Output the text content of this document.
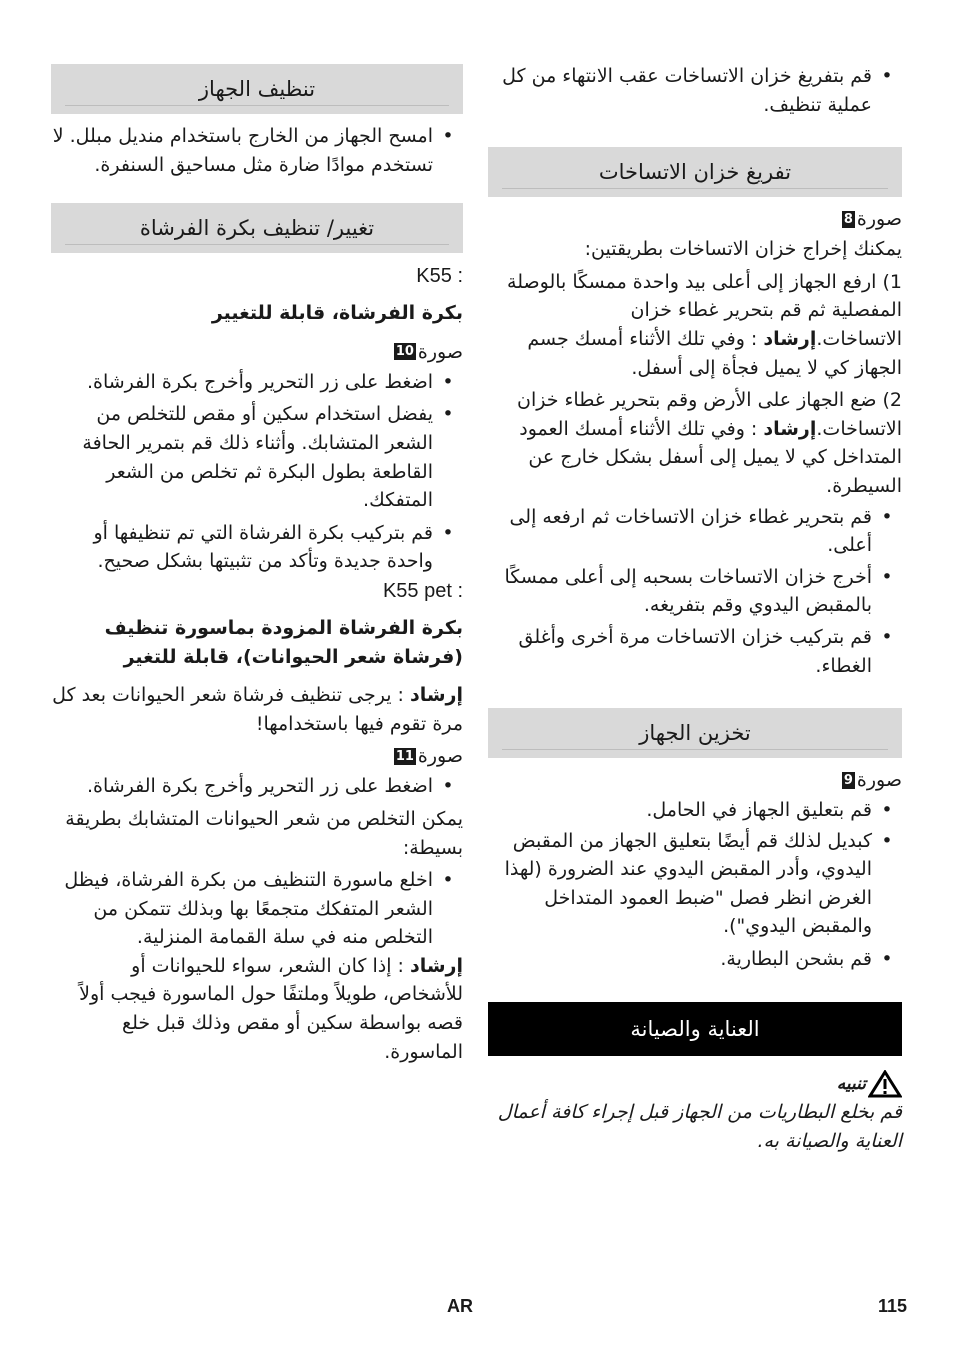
• قم بتفريغ خزان الاتساخات عقب الانتهاء من كل عملية تنظيف.
تفريغ خزان الاتساخات
صورة
8

يمكنك إخراج خزان الاتساخات بطريقتين:

1) ارفع الجهاز إلى أعلى بيد واحدة ممسكًا بالوصلة المفصلية ثم قم بتحرير غطاء خزان الاتساخات.إرشاد : وفي تلك الأثناء أمسك جسم الجهاز كي لا يميل فجأة إلى أسفل.

2) ضع الجهاز على الأرض وقم بتحرير غطاء خزان الاتساخات.إرشاد : وفي تلك الأثناء أمسك العمود المتداخل كي لا يميل إلى أسفل بشكل خارج عن السيطرة.

• قم بتحرير غطاء خزان الاتساخات ثم ارفعه إلى أعلى.
• أخرج خزان الاتساخات بسحبه إلى أعلى ممسكًا بالمقبض اليدوي وقم بتفريغه.
• قم بتركيب خزان الاتساخات مرة أخرى وأغلق الغطاء.
تخزين الجهاز
صورة
9
• قم بتعليق الجهاز في الحامل.
• كبديل لذلك قم أيضًا بتعليق الجهاز من المقبض اليدوي، وأدر المقبض اليدوي عند الضرورة (لهذا الغرض انظر فصل "ضبط العمود المتداخل والمقبض اليدوي").
• قم بشحن البطارية.
العناية والصيانة
تنبيه

قم بخلع البطاريات من الجهاز قبل إجراء كافة أعمال العناية والصيانة به.

تنظيف الجهاز
• امسح الجهاز من الخارج باستخدام منديل مبلل. لا تستخدم موادًا ضارة مثل مساحيق السنفرة.
تغيير/ تنظيف بكرة الفرشاة
K55 :

بكرة الفرشاة، قابلة للتغيير

صورة
10
• اضغط على زر التحرير وأخرج بكرة الفرشاة.
• يفضل استخدام سكين أو مقص للتخلص من الشعر المتشابك. وأثناء ذلك قم بتمرير الحافة القاطعة بطول البكرة ثم تخلص من الشعر المتفكك.
• قم بتركيب بكرة الفرشاة التي تم تنظيفها أو واحدة جديدة وتأكد من تثبيتها بشكل صحيح.
K55 pet :

بكرة الفرشاة المزودة بماسورة تنظيف (فرشاة شعر الحيوانات)، قابلة للتغير

إرشاد : يرجى تنظيف فرشاة شعر الحيوانات بعد كل مرة تقوم فيها باستخدامها!

صورة
11
• اضغط على زر التحرير وأخرج بكرة الفرشاة.

يمكن التخلص من شعر الحيوانات المتشابك بطريقة بسيطة:

• اخلع ماسورة التنظيف من بكرة الفرشاة، فيظل الشعر المتفكك متجمعًا بها وبذلك تتمكن من التخلص منه في سلة القمامة المنزلية.

إرشاد : إذا كان الشعر، سواء للحيوانات أو للأشخاص، طويلاً وملتفًا حول الماسورة فيجب أولاً قصه بواسطة سكين أو مقص وذلك قبل خلع الماسورة.

AR	115
